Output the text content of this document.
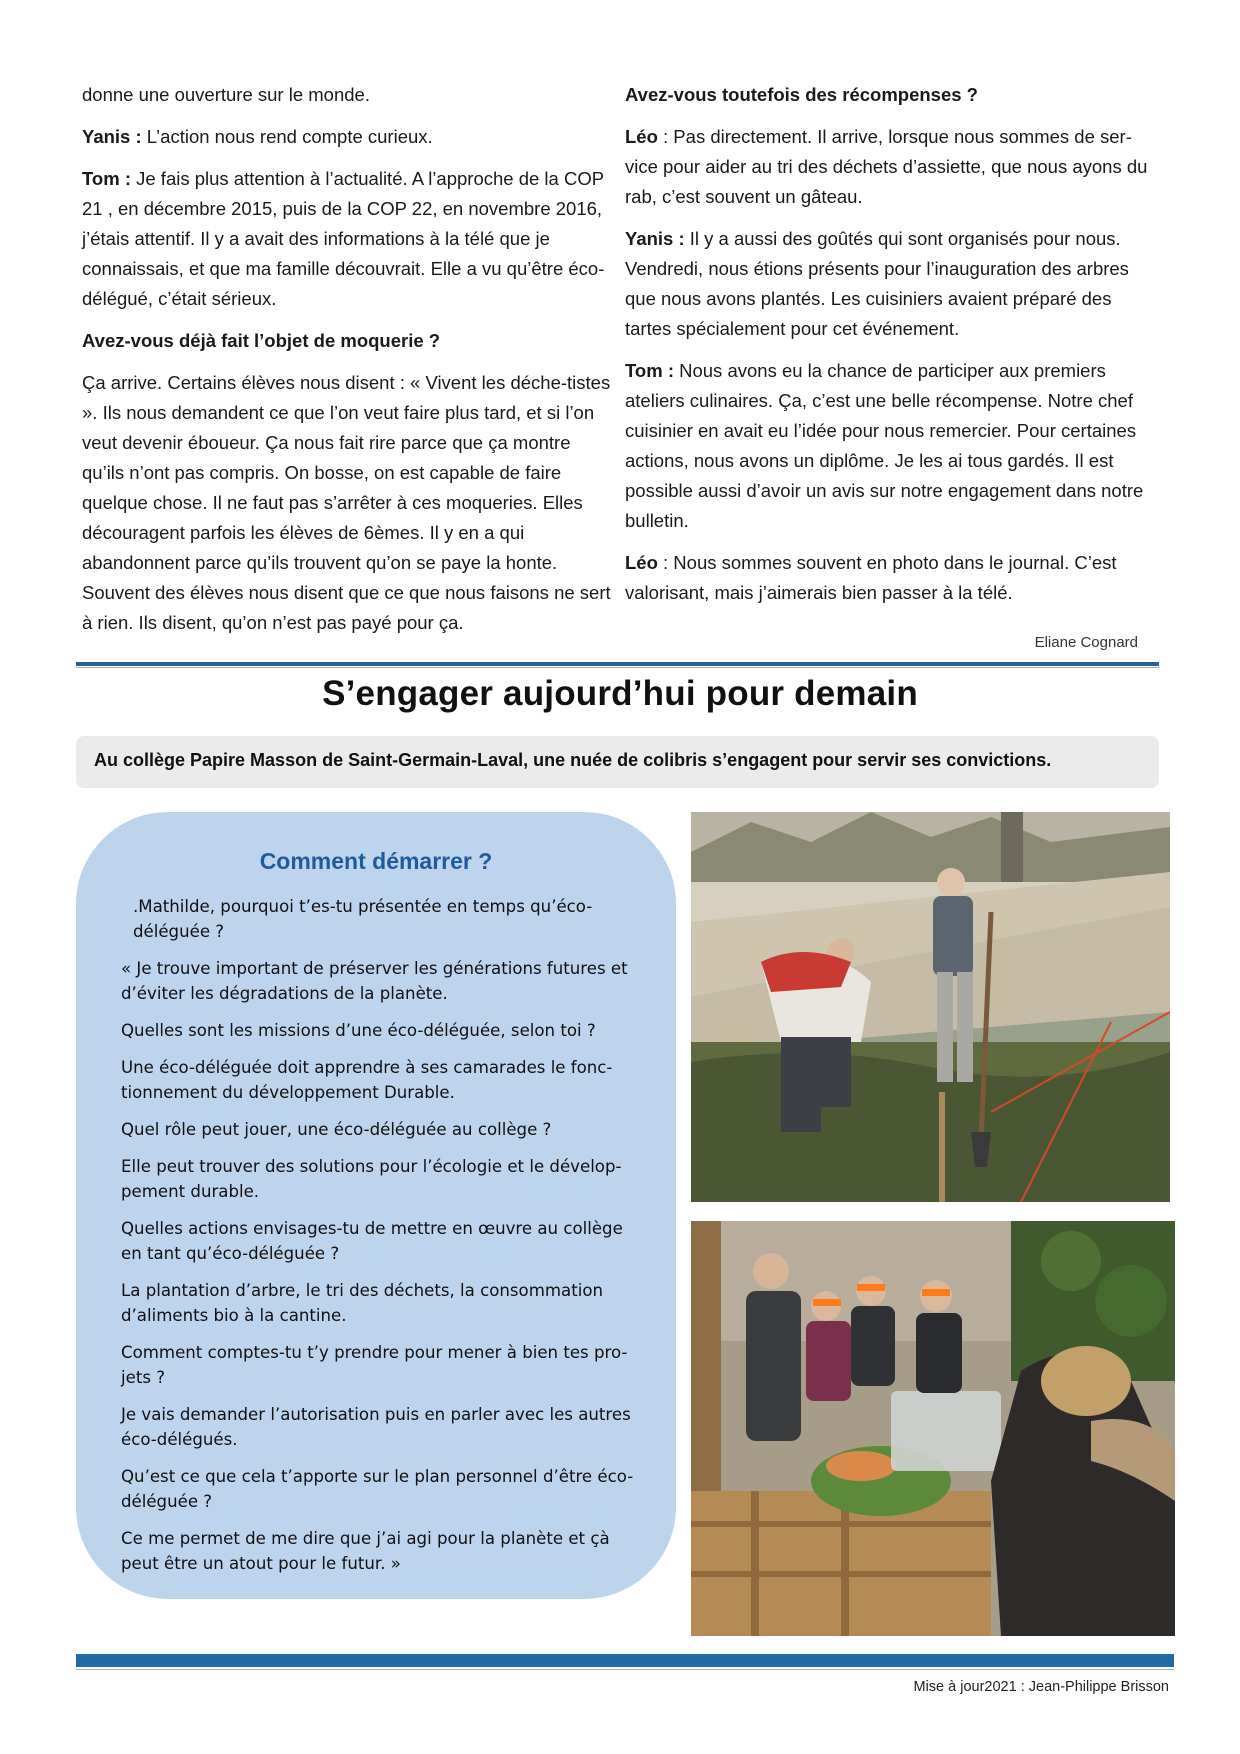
donne une ouverture sur le monde.

Yanis : L’action nous rend compte curieux.

Tom : Je fais plus attention à l’actualité. A l’approche de la COP 21 , en décembre 2015, puis de la COP 22, en novembre 2016, j’étais attentif. Il y a avait des informations à la télé que je connaissais, et que ma famille découvrait. Elle a vu qu’être éco-délégué, c’était sérieux.

Avez-vous déjà fait l’objet de moquerie ?

Ça arrive. Certains élèves nous disent : « Vivent les déche-tistes ». Ils nous demandent ce que l’on veut faire plus tard, et si l’on veut devenir éboueur. Ça nous fait rire parce que ça montre qu’ils n’ont pas compris. On bosse, on est capable de faire quelque chose. Il ne faut pas s’arrêter à ces moqueries. Elles découragent parfois les élèves de 6èmes. Il y en a qui abandonnent parce qu’ils trouvent qu’on se paye la honte. Souvent des élèves nous disent que ce que nous faisons ne sert à rien. Ils disent, qu’on n’est pas payé pour ça.

Avez-vous toutefois des récompenses ?

Léo : Pas directement. Il arrive, lorsque nous sommes de ser-vice pour aider au tri des déchets d’assiette, que nous ayons du rab, c’est souvent un gâteau.

Yanis : Il y a aussi des goûtés qui sont organisés pour nous. Vendredi, nous étions présents pour l’inauguration des arbres que nous avons plantés. Les cuisiniers avaient préparé des tartes spécialement pour cet événement.

Tom : Nous avons eu la chance de participer aux premiers ateliers culinaires. Ça, c’est une belle récompense. Notre chef cuisinier en avait eu l’idée pour nous remercier. Pour certaines actions, nous avons un diplôme. Je les ai tous gardés. Il est possible aussi d’avoir un avis sur notre engagement dans notre bulletin.

Léo : Nous sommes souvent en photo dans le journal. C’est valorisant, mais j’aimerais bien passer à la télé.

Eliane Cognard
S’engager aujourd’hui pour demain
Au collège Papire Masson de Saint-Germain-Laval, une nuée de colibris s’engagent pour servir ses convictions.
Comment démarrer ?

.Mathilde, pourquoi t’es-tu présentée en temps qu’éco-déléguée ?

« Je trouve important de préserver les générations futures et d’éviter les dégradations de la planète.

Quelles sont les missions d’une éco-déléguée, selon toi ?

Une éco-déléguée doit apprendre à ses camarades le fonc-tionnement du développement Durable.

Quel rôle peut jouer, une éco-déléguée au collège ?

Elle peut trouver des solutions pour l’écologie et le dévelop-pement durable.

Quelles actions envisages-tu de mettre en œuvre au collège en tant qu’éco-déléguée ?

La plantation d’arbre, le tri des déchets, la consommation d’aliments bio à la cantine.

Comment comptes-tu t’y prendre pour mener à bien tes pro-jets ?

Je vais demander l’autorisation puis en parler avec les autres éco-délégués.

Qu’est ce que cela t’apporte sur le plan personnel d’être éco-déléguée ?

Ce me permet de me dire que j’ai agi pour la planète et çà peut être un atout pour le futur. »

Mise à jour2021 : Jean-Philippe Brisson
